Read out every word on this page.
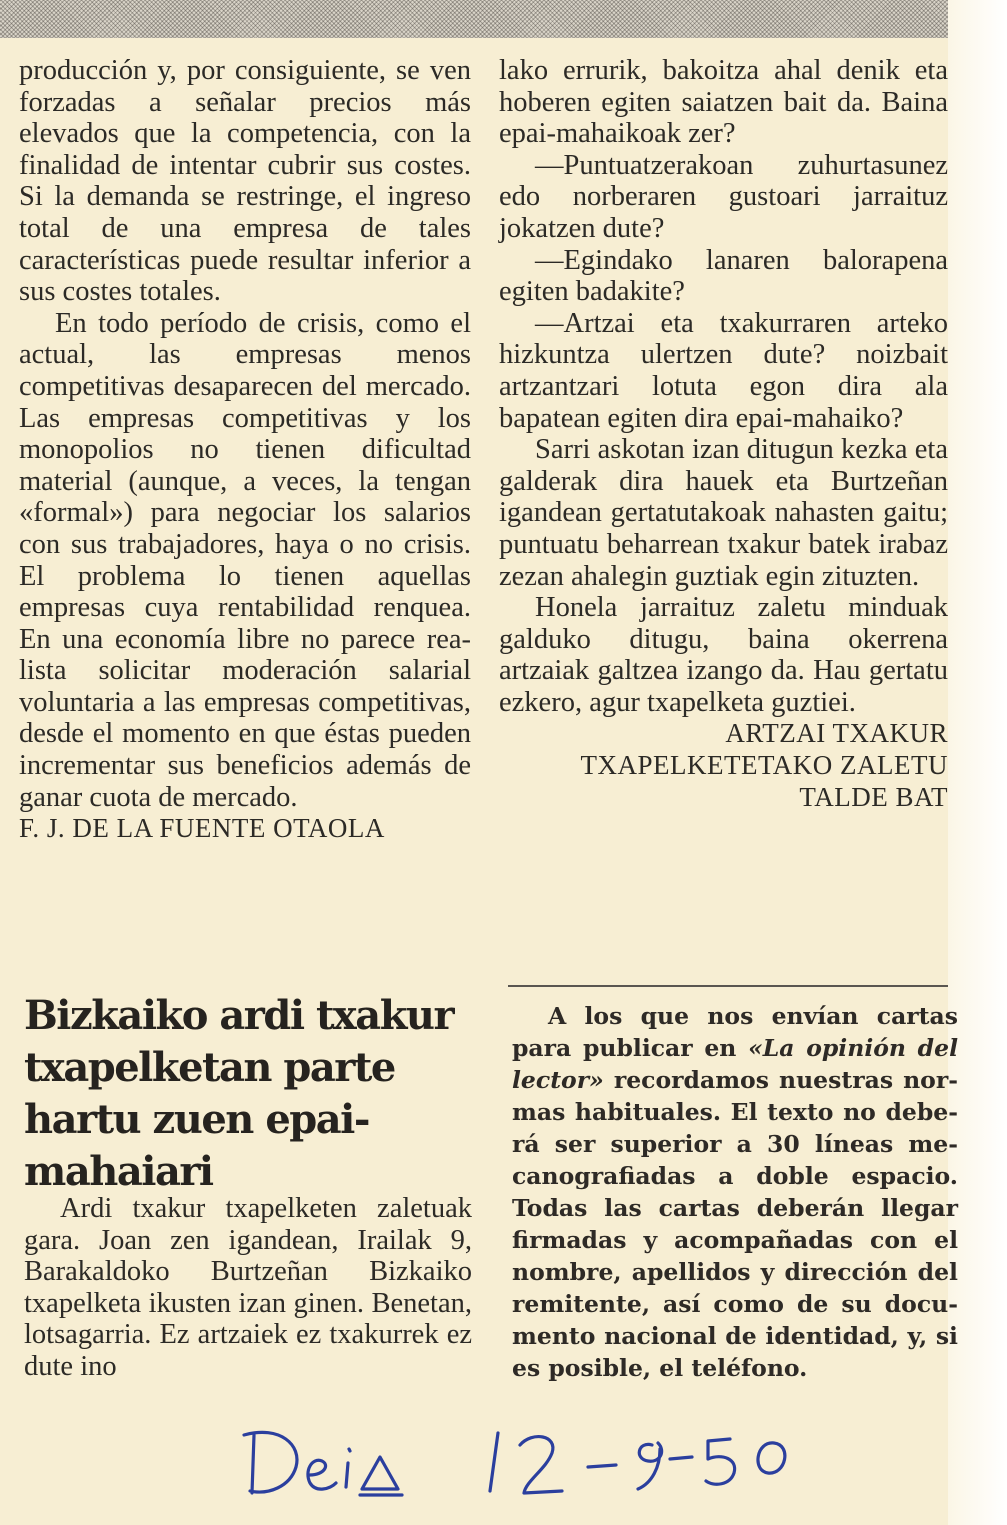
producción y, por consiguiente, se ven forzadas a señalar precios más elevados que la competencia, con la finalidad de intentar cubrir sus costes. Si la demanda se restringe, el ingreso total de una empresa de tales características puede resultar inferior a sus costes totales.

En todo período de crisis, como el actual, las empresas menos competitivas desaparecen del mercado. Las empresas competitivas y los monopolios no tienen dificultad material (aunque, a veces, la tengan «formal») para negociar los salarios con sus trabajadores, haya o no crisis. El problema lo tienen aquellas empresas cuya rentabilidad renquea. En una economía libre no parece realista solicitar moderación salarial voluntaria a las empresas competitivas, desde el momento en que éstas pueden incrementar sus beneficios además de ganar cuota de mercado.

F. J. DE LA FUENTE OTAOLA

lako errurik, bakoitza ahal denik eta hoberen egiten saiatzen bait da. Baina epai-mahaikoak zer?

—Puntuatzerakoan zuhurtasunez edo norberaren gustoari jarraituz jokatzen dute?

—Egindako lanaren balorapena egiten badakite?

—Artzai eta txakurraren arteko hizkuntza ulertzen dute? noizbait artzantzari lotuta egon dira ala bapatean egiten dira epai-mahaiko?

Sarri askotan izan ditugun kezka eta galderak dira hauek eta Burtzeñan igandean gertatutakoak nahasten gaitu; puntuatu beharrean txakur batek irabaz zezan ahalegin guztiak egin zituzten.

Honela jarraituz zaletu minduak galduko ditugu, baina okerrena artzaiak galtzea izango da. Hau gertatu ezkero, agur txapelketa guztiei.

ARTZAI TXAKUR

TXAPELKETETAKO ZALETU

TALDE BAT

Bizkaiko ardi txakur txapelketan parte hartu zuen epai-mahaiari

Ardi txakur txapelketen zaletuak gara. Joan zen igandean, Irailak 9, Barakaldoko Burtzeñan Bizkaiko txapelketa ikusten izan ginen. Benetan, lotsagarria. Ez artzaiek ez txakurrek ez dute ino

A los que nos envían cartas para publicar en «La opinión del lector» recordamos nuestras normas habituales. El texto no deberá ser superior a 30 líneas mecanografiadas a doble espacio. Todas las cartas deberán llegar firmadas y acompañadas con el nombre, apellidos y dirección del remitente, así como de su documento nacional de identidad, y, si es posible, el teléfono.
